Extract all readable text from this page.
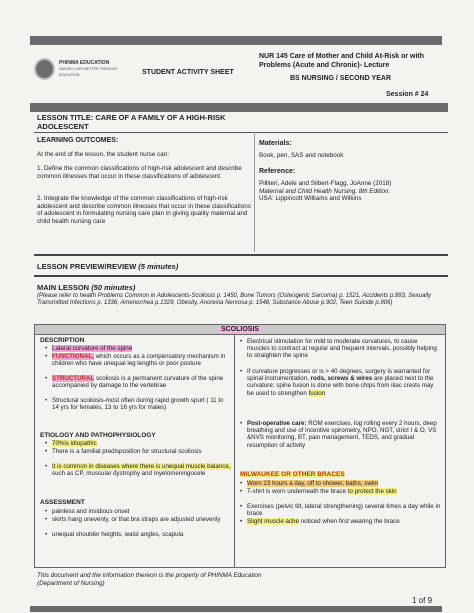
PHINMA EDUCATION
MAKING LIVES BETTER THROUGH EDUCATION	STUDENT ACTIVITY SHEET
NUR 145 Care of Mother and Child At-Risk or with Problems (Acute and Chronic)- Lecture
BS NURSING / SECOND YEAR
Session # 24
LESSON TITLE: CARE OF A FAMILY OF A HIGH-RISK ADOLESCENT
LEARNING OUTCOMES:
At the end of the lesson, the student nurse can:
1. Define the common classifications of high-risk adolescent and describe common illnesses that occur in these classifications of adolescent.
2. Integrate the knowledge of the common classifications of high-risk adolescent and describe common illnesses that occur in these classifications of adolescent in formulating nursing care plan in giving quality maternal and child health nursing care
Materials:
Book, pen, SAS and notebook
Reference:
Pilliteri, Adele and Silbert-Flagg, JoAnne (2018)
Maternal and Child Health Nursing, 8th Edition.
USA: Lippincott Williams and Wilkins
LESSON PREVIEW/REVIEW (5 minutes)
MAIN LESSON (50 minutes)
(Please refer to health Problems Common in Adolescents-Scoliosis p. 1450, Bone Tumors (Osteogenic Sarcoma) p. 1521, Accidents p.893, Sexually Transmitted Infections p. 1336, Amenorrhea p.1329, Obesity, Anorexia Nervosa p. 1548, Substance Abuse p.902, Teen Suicide p.906)
SCOLIOSIS
DESCRIPTION
• Lateral curvature of the spine
• FUNCTIONAL, which occurs as a compensatory mechanism in children who have unequal leg lengths or poor posture
• STRUCTURAL scoliosis is a permanent curvature of the spine accompanied by damage to the vertebrae
• Structural scoliosis-most often during rapid growth spurt ( 11 to 14 yrs for females, 13 to 16 yrs for males)
ETIOLOGY AND PATHOPHYSIOLOGY
• 70%is idiopathic
• There is a familial predisposition for structural scoliosis
• It is common in diseases where there is unequal muscle balance, such as CP, muscular dystrophy and myelomeningocele
ASSESSMENT
• painless and insidious onset
• skirts hang unevenly, or that bra straps are adjusted unevenly
• unequal shoulder heights, waist angles, scapula
• Electrical stimulation for mild to moderate curvatures, to cause muscles to contract at regular and frequent intervals, possibly helping to straighten the spine
• If curvature progresses or is > 40 degrees, surgery is warranted for spinal instrumentation, rods, screws & wires are placed next to the curvature; spine fusion is done with bone chips from iliac crests may be used to strengthen fusion
• Post-operative care: ROM exercises, log rolling every 2 hours, deep breathing and use of incentive spirometry, NPO, NGT, strict I & O, VS &NVS monitoring, BT, pain management, TEDS, and gradual resumption of activity
MILWAUKEE OR OTHER BRACES
• Worn 23 hours a day, off to shower, baths, swim
• T-shirt is worn underneath the brace to protect the skin
• Exercises (pelvic tilt, lateral strengthening) several times a day while in brace
• Slight muscle ache noticed when first wearing the brace
This document and the information thereon is the property of PHINMA Education (Department of Nursing)
1 of 9
